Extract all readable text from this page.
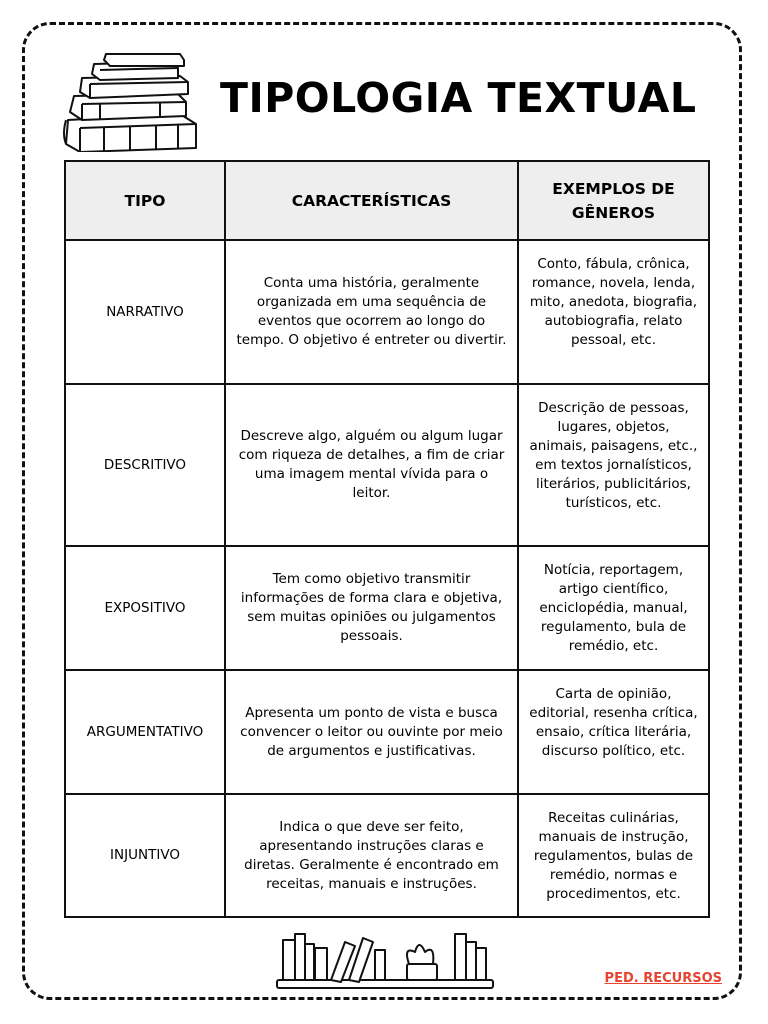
TIPOLOGIA TEXTUAL
TIPO	CARACTERÍSTICAS	EXEMPLOS DE GÊNEROS
NARRATIVO	Conta uma história, geralmente organizada em uma sequência de eventos que ocorrem ao longo do tempo. O objetivo é entreter ou divertir.	Conto, fábula, crônica, romance, novela, lenda, mito, anedota, biografia, autobiografia, relato pessoal, etc.
DESCRITIVO	Descreve algo, alguém ou algum lugar com riqueza de detalhes, a fim de criar uma imagem mental vívida para o leitor.	Descrição de pessoas, lugares, objetos, animais, paisagens, etc., em textos jornalísticos, literários, publicitários, turísticos, etc.
EXPOSITIVO	Tem como objetivo transmitir informações de forma clara e objetiva, sem muitas opiniões ou julgamentos pessoais.	Notícia, reportagem, artigo científico, enciclopédia, manual, regulamento, bula de remédio, etc.
ARGUMENTATIVO	Apresenta um ponto de vista e busca convencer o leitor ou ouvinte por meio de argumentos e justificativas.	Carta de opinião, editorial, resenha crítica, ensaio, crítica literária, discurso político, etc.
INJUNTIVO	Indica o que deve ser feito, apresentando instruções claras e diretas. Geralmente é encontrado em receitas, manuais e instruções.	Receitas culinárias, manuais de instrução, regulamentos, bulas de remédio, normas e procedimentos, etc.
PED. RECURSOS
